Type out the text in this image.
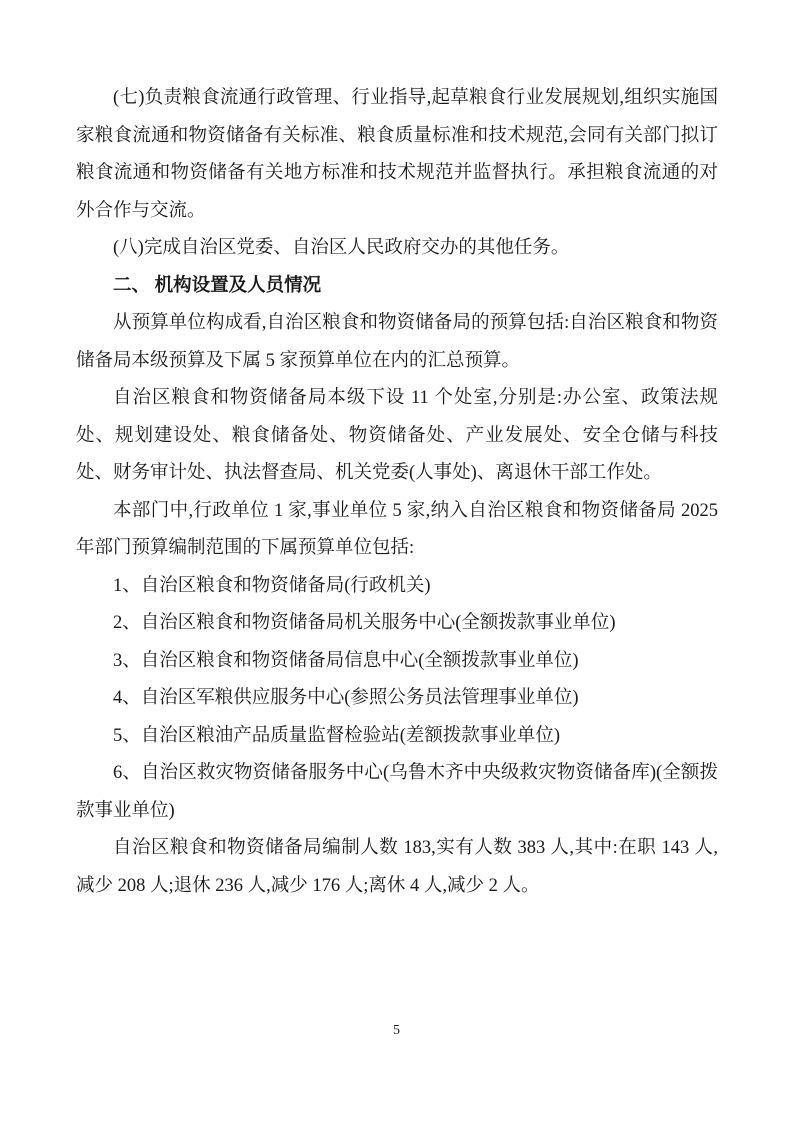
(七)负责粮食流通行政管理、行业指导,起草粮食行业发展规划,组织实施国家粮食流通和物资储备有关标准、粮食质量标准和技术规范,会同有关部门拟订粮食流通和物资储备有关地方标准和技术规范并监督执行。承担粮食流通的对外合作与交流。

(八)完成自治区党委、自治区人民政府交办的其他任务。

二、 机构设置及人员情况

从预算单位构成看,自治区粮食和物资储备局的预算包括:自治区粮食和物资储备局本级预算及下属 5 家预算单位在内的汇总预算。

自治区粮食和物资储备局本级下设 11 个处室,分别是:办公室、政策法规处、规划建设处、粮食储备处、物资储备处、产业发展处、安全仓储与科技处、财务审计处、执法督查局、机关党委(人事处)、离退休干部工作处。

本部门中,行政单位 1 家,事业单位 5 家,纳入自治区粮食和物资储备局 2025 年部门预算编制范围的下属预算单位包括:

1、自治区粮食和物资储备局(行政机关)

2、自治区粮食和物资储备局机关服务中心(全额拨款事业单位)

3、自治区粮食和物资储备局信息中心(全额拨款事业单位)

4、自治区军粮供应服务中心(参照公务员法管理事业单位)

5、自治区粮油产品质量监督检验站(差额拨款事业单位)

6、自治区救灾物资储备服务中心(乌鲁木齐中央级救灾物资储备库)(全额拨款事业单位)

自治区粮食和物资储备局编制人数 183,实有人数 383 人,其中:在职 143 人,减少 208 人;退休 236 人,减少 176 人;离休 4 人,减少 2 人。

5
